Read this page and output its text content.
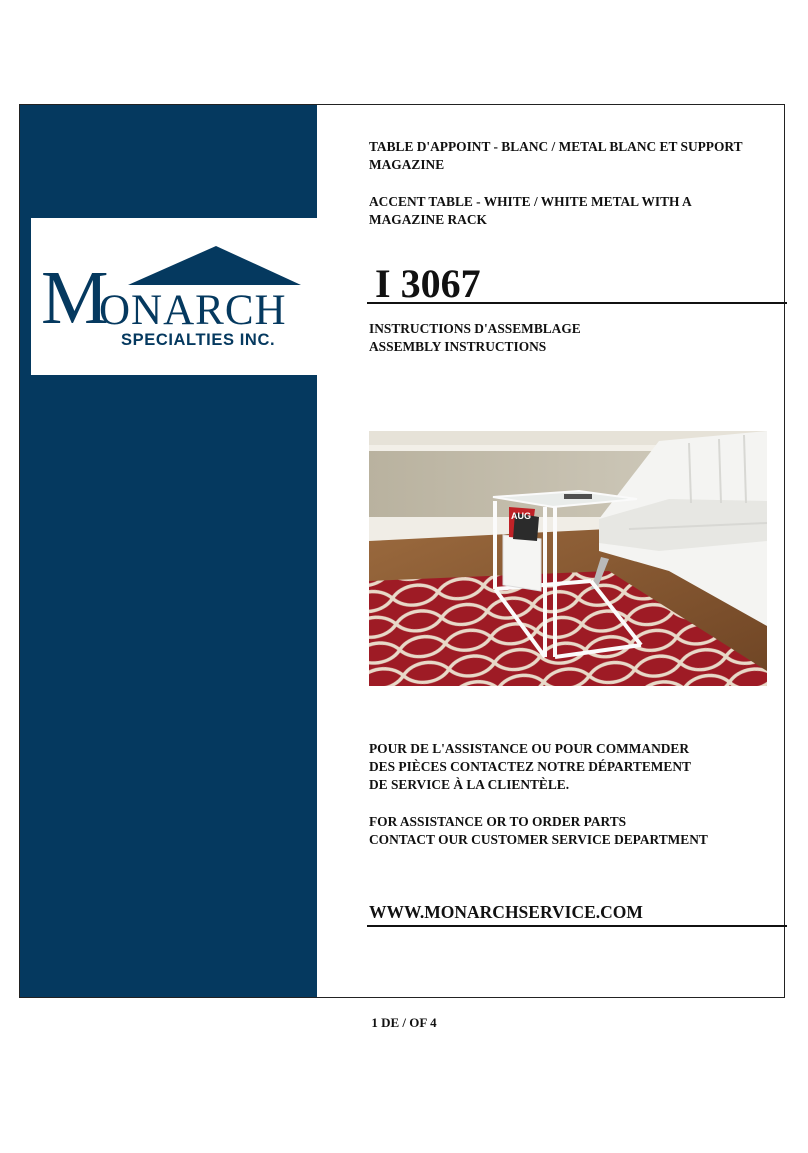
M
ONARCH
SPECIALTIES INC.

TABLE D'APPOINT - BLANC / METAL BLANC ET SUPPORT MAGAZINE

ACCENT TABLE - WHITE / WHITE METAL WITH A MAGAZINE RACK

I 3067

INSTRUCTIONS D'ASSEMBLAGE
ASSEMBLY INSTRUCTIONS
AUG
POUR DE L'ASSISTANCE OU POUR COMMANDER
DES PIÈCES CONTACTEZ NOTRE DÉPARTEMENT
DE SERVICE À LA CLIENTÈLE.
FOR ASSISTANCE OR TO ORDER PARTS
CONTACT OUR CUSTOMER SERVICE DEPARTMENT

WWW.MONARCHSERVICE.COM

1 DE / OF 4
